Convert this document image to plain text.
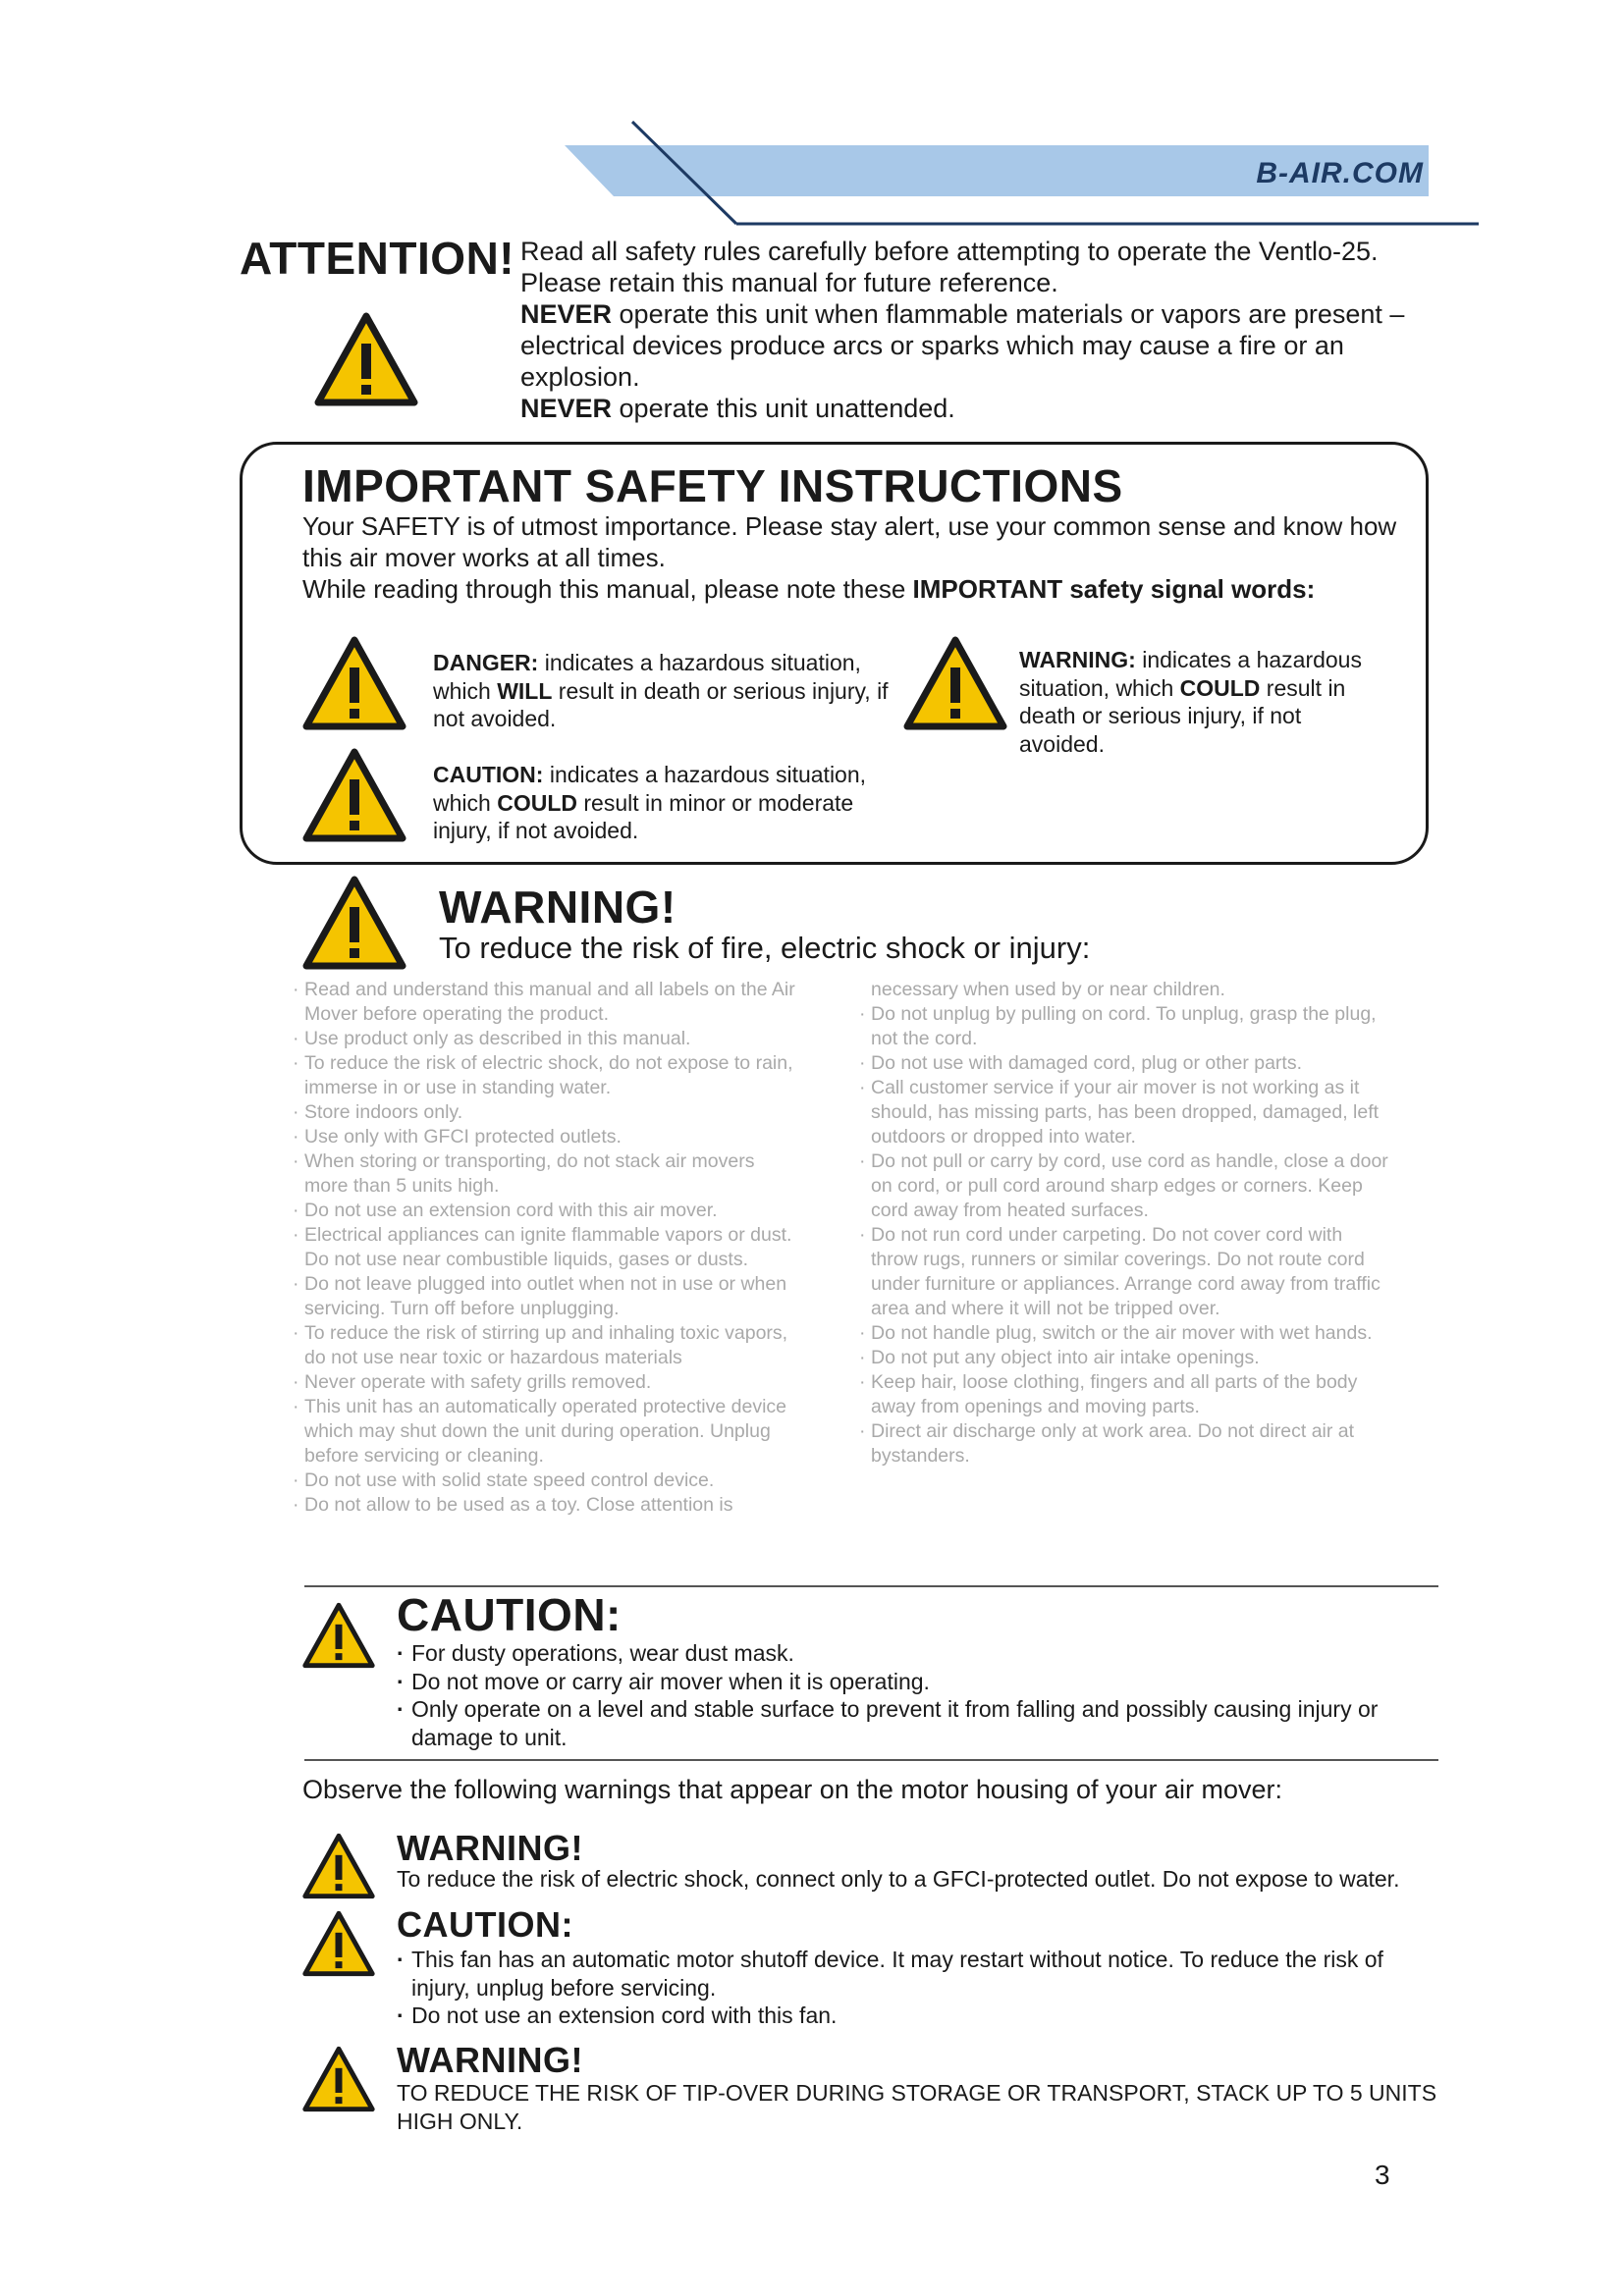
B-AIR.COM
ATTENTION! Read all safety rules carefully before attempting to operate the Ventlo-25. Please retain this manual for future reference.

NEVER operate this unit when flammable materials or vapors are present – electrical devices produce arcs or sparks which may cause a fire or an explosion.

NEVER operate this unit unattended.

IMPORTANT SAFETY INSTRUCTIONS

Your SAFETY is of utmost importance. Please stay alert, use your common sense and know how this air mover works at all times.

While reading through this manual, please note these IMPORTANT safety signal words:

DANGER: indicates a hazardous situation, which WILL result in death or serious injury, if not avoided.
WARNING: indicates a hazardous situation, which COULD result in death or serious injury, if not avoided.
CAUTION: indicates a hazardous situation, which COULD result in minor or moderate injury, if not avoided.
WARNING!
To reduce the risk of fire, electric shock or injury:
· Read and understand this manual and all labels on the Air Mover before operating the product.
· Use product only as described in this manual.
· To reduce the risk of electric shock, do not expose to rain, immerse in or use in standing water.
· Store indoors only.
· Use only with GFCI protected outlets.
· When storing or transporting, do not stack air movers more than 5 units high.
· Do not use an extension cord with this air mover.
· Electrical appliances can ignite flammable vapors or dust. Do not use near combustible liquids, gases or dusts.
· Do not leave plugged into outlet when not in use or when servicing. Turn off before unplugging.
· To reduce the risk of stirring up and inhaling toxic vapors, do not use near toxic or hazardous materials
· Never operate with safety grills removed.
· This unit has an automatically operated protective device which may shut down the unit during operation. Unplug before servicing or cleaning.
· Do not use with solid state speed control device.
· Do not allow to be used as a toy. Close attention is
necessary when used by or near children.
· Do not unplug by pulling on cord. To unplug, grasp the plug, not the cord.
· Do not use with damaged cord, plug or other parts.
· Call customer service if your air mover is not working as it should, has missing parts, has been dropped, damaged, left outdoors or dropped into water.
· Do not pull or carry by cord, use cord as handle, close a door on cord, or pull cord around sharp edges or corners. Keep cord away from heated surfaces.
· Do not run cord under carpeting. Do not cover cord with throw rugs, runners or similar coverings. Do not route cord under furniture or appliances. Arrange cord away from traffic area and where it will not be tripped over.
· Do not handle plug, switch or the air mover with wet hands.
· Do not put any object into air intake openings.
· Keep hair, loose clothing, fingers and all parts of the body away from openings and moving parts.
· Direct air discharge only at work area. Do not direct air at bystanders.
CAUTION:
· For dusty operations, wear dust mask.
· Do not move or carry air mover when it is operating.
· Only operate on a level and stable surface to prevent it from falling and possibly causing injury or damage to unit.
Observe the following warnings that appear on the motor housing of your air mover:
WARNING!
To reduce the risk of electric shock, connect only to a GFCI-protected outlet. Do not expose to water.
CAUTION:
· This fan has an automatic motor shutoff device. It may restart without notice. To reduce the risk of injury, unplug before servicing.
· Do not use an extension cord with this fan.
WARNING!
TO REDUCE THE RISK OF TIP-OVER DURING STORAGE OR TRANSPORT, STACK UP TO 5 UNITS HIGH ONLY.
3
